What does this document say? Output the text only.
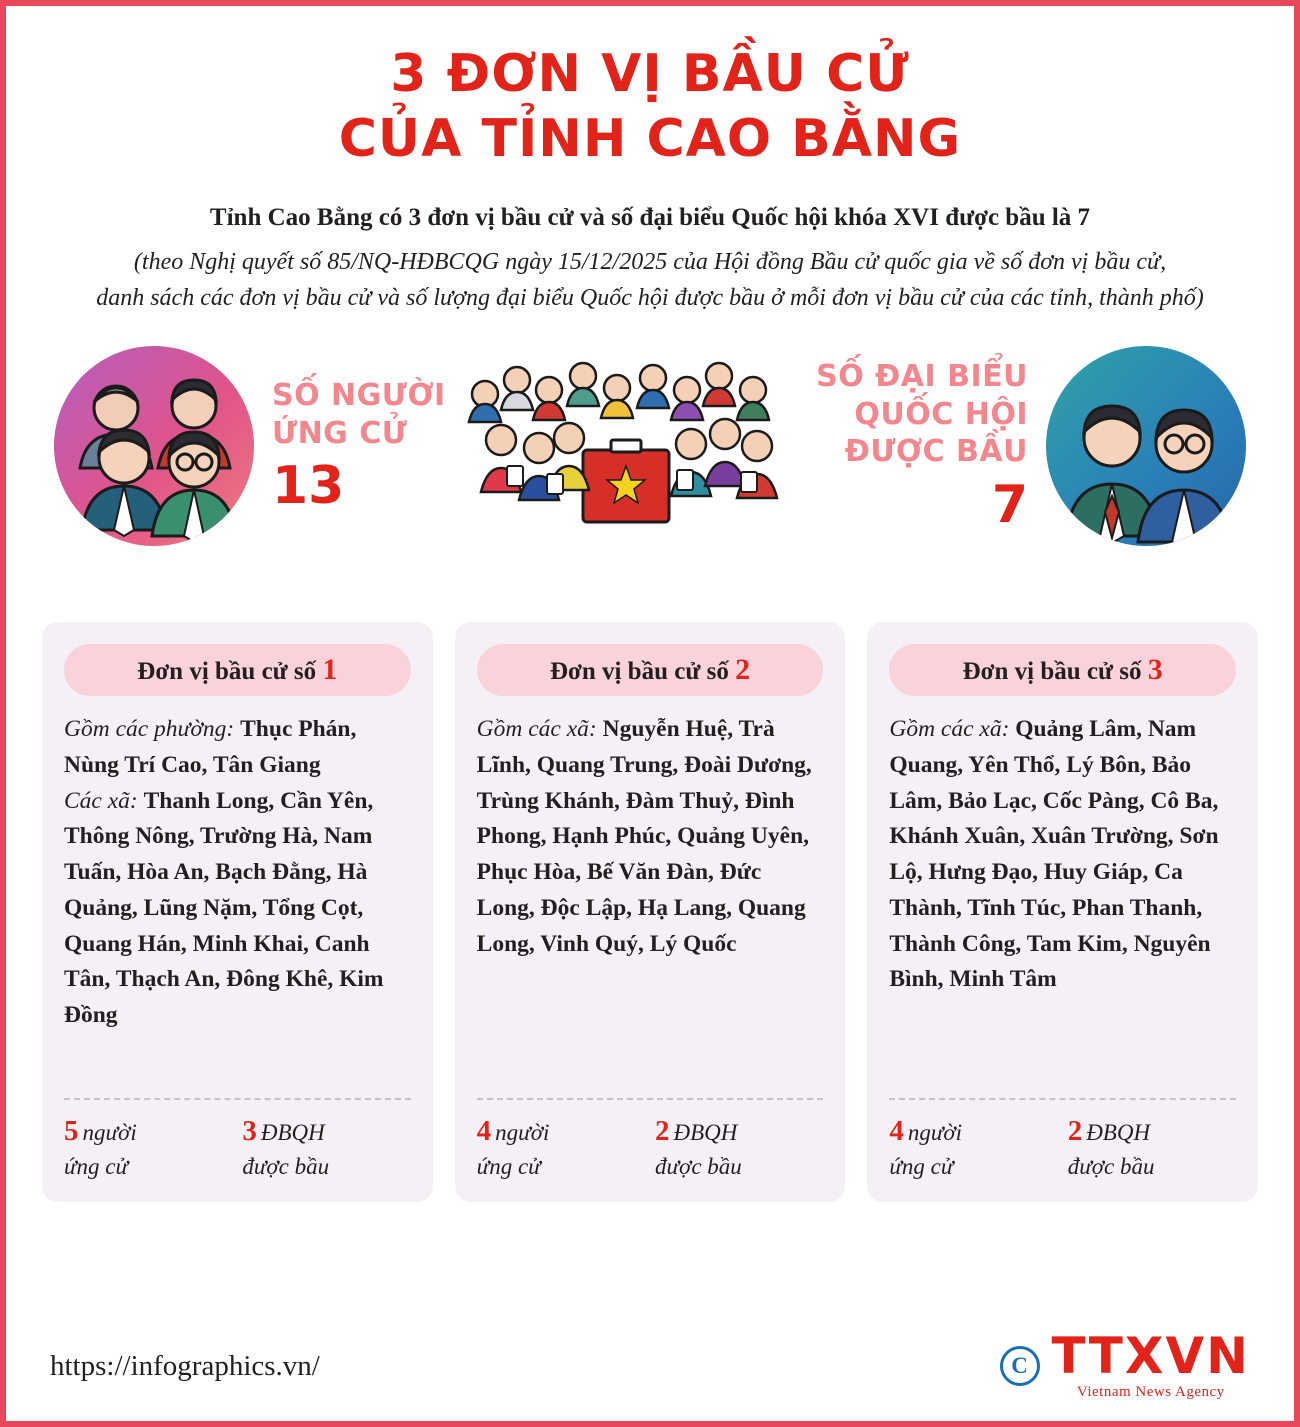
3 ĐƠN VỊ BẦU CỬ
CỦA TỈNH CAO BẰNG
Tỉnh Cao Bằng có 3 đơn vị bầu cử và số đại biểu Quốc hội khóa XVI được bầu là 7
(theo Nghị quyết số 85/NQ-HĐBCQG ngày 15/12/2025 của Hội đồng Bầu cử quốc gia về số đơn vị bầu cử,
danh sách các đơn vị bầu cử và số lượng đại biểu Quốc hội được bầu ở mỗi đơn vị bầu cử của các tỉnh, thành phố)
SỐ NGƯỜI
ỨNG CỬ
13
SỐ ĐẠI BIỂU
QUỐC HỘI
ĐƯỢC BẦU
7
Đơn vị bầu cử số 1
Gồm các phường: Thục Phán, Nùng Trí Cao, Tân Giang
Các xã: Thanh Long, Cần Yên, Thông Nông, Trường Hà, Nam Tuấn, Hòa An, Bạch Đằng, Hà Quảng, Lũng Nặm, Tổng Cọt, Quang Hán, Minh Khai, Canh Tân, Thạch An, Đông Khê, Kim Đồng
5 người
ứng cử
3 ĐBQH
được bầu
Đơn vị bầu cử số 2
Gồm các xã: Nguyễn Huệ, Trà Lĩnh, Quang Trung, Đoài Dương, Trùng Khánh, Đàm Thuỷ, Đình Phong, Hạnh Phúc, Quảng Uyên, Phục Hòa, Bế Văn Đàn, Đức Long, Độc Lập, Hạ Lang, Quang Long, Vinh Quý, Lý Quốc
4 người
ứng cử
2 ĐBQH
được bầu
Đơn vị bầu cử số 3
Gồm các xã: Quảng Lâm, Nam Quang, Yên Thổ, Lý Bôn, Bảo Lâm, Bảo Lạc, Cốc Pàng, Cô Ba, Khánh Xuân, Xuân Trường, Sơn Lộ, Hưng Đạo, Huy Giáp, Ca Thành, Tĩnh Túc, Phan Thanh, Thành Công, Tam Kim, Nguyên Bình, Minh Tâm
4 người
ứng cử
2 ĐBQH
được bầu
https://infographics.vn/	C TTXVN
Vietnam News Agency
